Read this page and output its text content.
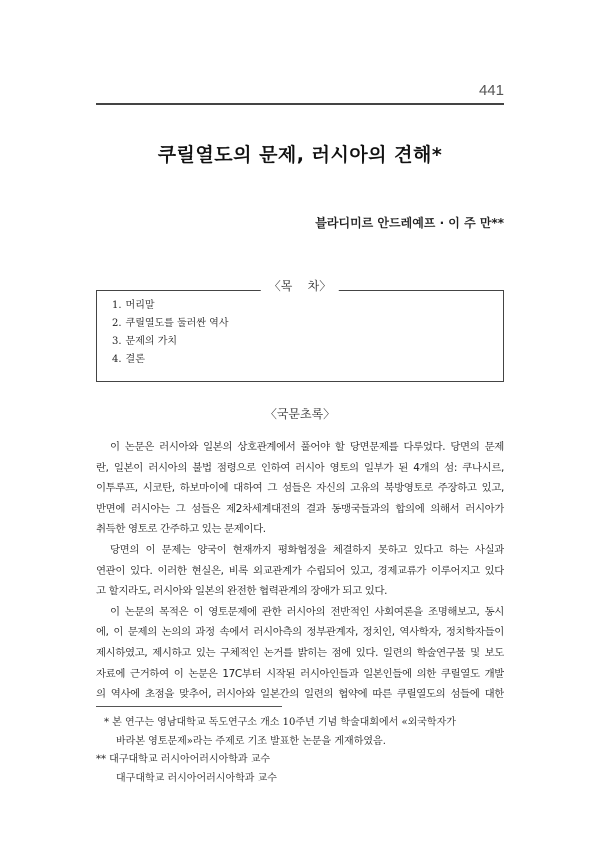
441
쿠릴열도의 문제, 러시아의 견해*
블라디미르 안드레예프 · 이 주 만**
〈목    차〉
1. 머리말
2. 쿠릴열도를 둘러싼 역사
3. 문제의 가치
4. 결론
〈국문초록〉
이 논문은 러시아와 일본의 상호관계에서 풀어야 할 당면문제를 다루었다. 당면의 문제
란, 일본이 러시아의 불법 점령으로 인하여 러시아 영토의 일부가 된 4개의 섬: 쿠나시르,
이투루프, 시코탄, 하보마이에 대하여 그 섬들은 자신의 고유의 북방영토로 주장하고 있고,
반면에 러시아는 그 섬들은 제2차세계대전의 결과 동맹국들과의 합의에 의해서 러시아가
취득한 영토로 간주하고 있는 문제이다.
당면의 이 문제는 양국이 현재까지 평화협정을 체결하지 못하고 있다고 하는 사실과
연관이 있다. 이러한 현실은, 비록 외교관계가 수립되어 있고, 경제교류가 이루어지고 있다
고 할지라도, 러시아와 일본의 완전한 협력관계의 장애가 되고 있다.
이 논문의 목적은 이 영토문제에 관한 러시아의 전반적인 사회여론을 조명해보고, 동시
에, 이 문제의 논의의 과정 속에서 러시아측의 정부관계자, 정치인, 역사학자, 정치학자들이
제시하였고, 제시하고 있는 구체적인 논거를 밝히는 점에 있다. 일련의 학술연구물 및 보도
자료에 근거하여 이 논문은 17C부터 시작된 러시아인들과 일본인들에 의한 쿠릴열도 개발
의 역사에 초점을 맞추어, 러시아와 일본간의 일련의 협약에 따른 쿠릴열도의 섬들에 대한
* 본 연구는 영남대학교 독도연구소 개소 10주년 기념 학술대회에서 «외국학자가
바라본 영토문제»라는 주제로 기조 발표한 논문을 게재하였음.
** 대구대학교 러시아어러시아학과 교수
대구대학교 러시아어러시아학과 교수
